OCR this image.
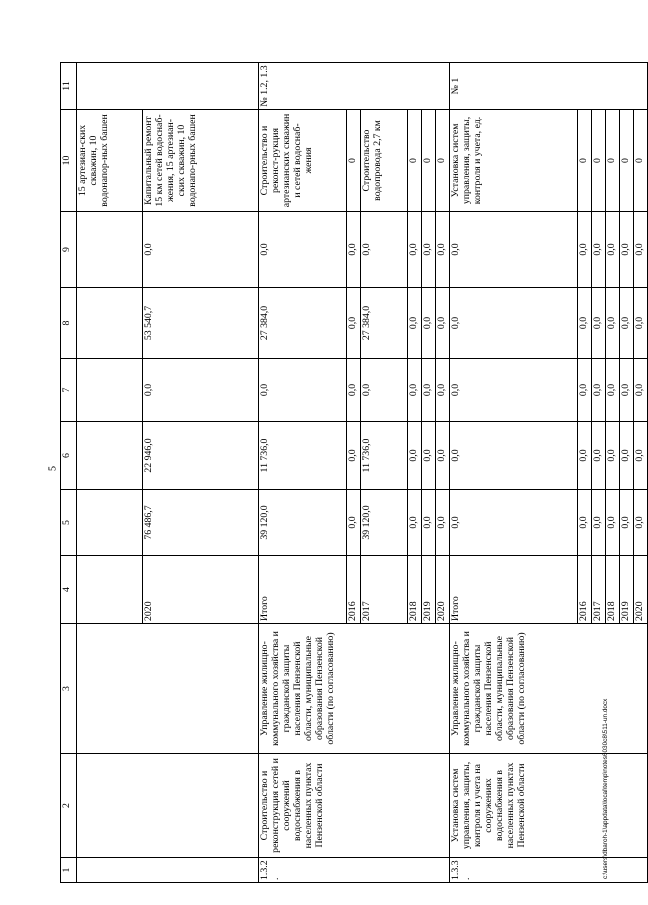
5
1	2	3	4	5	6	7	8	9	10	11
									15 артезиан-ских скважин, 10 водонапор-ных башен	
			2020	76 486,7	22 946,0	0,0	53 540,7	0,0	Капитальный ремонт 15 км сетей водоснаб-жения, 15 артезиан-ских скважин, 10 водонапо-рных башен	
1.3.2.	Строительство и реконструкция сетей и сооружений водоснабжения в населенных пунктах Пензенской области	Управление жилищно-коммунального хозяйства и гражданской защиты населения Пензенской области, муниципальные образования Пензенской области (по согласованию)	Итого	39 120,0	11 736,0	0,0	27 384,0	0,0	Строительство и реконст-рукция артезианских скважин и сетей водоснаб-жения	№ 1.2, 1.3
			2016	0,0	0,0	0,0	0,0	0,0	0	
			2017	39 120,0	11 736,0	0,0	27 384,0	0,0	Строительство водопровода 2,7 км	
			2018	0,0	0,0	0,0	0,0	0,0	0	
			2019	0,0	0,0	0,0	0,0	0,0	0	
			2020	0,0	0,0	0,0	0,0	0,0	0	
1.3.3.	Установка систем управления, защиты, контроля и учета на сооружениях водоснабжения в населенных пунктах Пензенской области	Управление жилищно-коммунального хозяйства и гражданской защиты населения Пензенской области, муниципальные образования Пензенской области (по согласованию)	Итого	0,0	0,0	0,0	0,0	0,0	Установка систем управления, защиты, контроля и учета, ед.	№ 1
			2016	0,0	0,0	0,0	0,0	0,0	0	
			2017	0,0	0,0	0,0	0,0	0,0	0	
			2018	0,0	0,0	0,0	0,0	0,0	0	
			2019	0,0	0,0	0,0	0,0	0,0	0	
			2020	0,0	0,0	0,0	0,0	0,0	0	
c:\users\dbaroh-1\appdata\local\temp\notes6030c8\511-un.docx
